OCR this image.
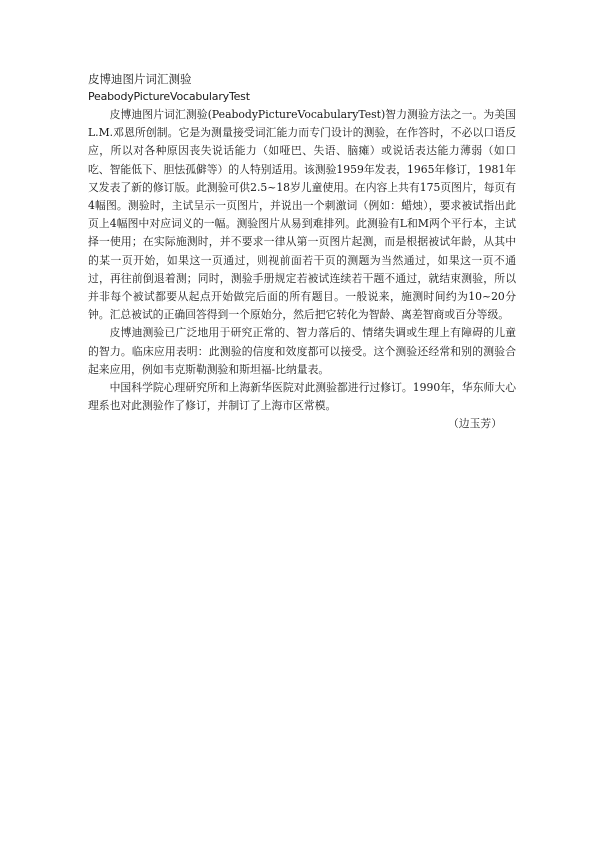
皮博迪图片词汇测验

PeabodyPictureVocabularyTest

皮博迪图片词汇测验(PeabodyPictureVocabularyTest)智力测验方法之一。为美国L.M.邓恩所创制。它是为测量接受词汇能力而专门设计的测验，在作答时，不必以口语反应，所以对各种原因丧失说话能力（如哑巴、失语、脑瘫）或说话表达能力薄弱（如口吃、智能低下、胆怯孤僻等）的人特别适用。该测验1959年发表，1965年修订，1981年又发表了新的修订版。此测验可供2.5~18岁儿童使用。在内容上共有175页图片，每页有4幅图。测验时，主试呈示一页图片，并说出一个刺激词（例如：蜡烛），要求被试指出此页上4幅图中对应词义的一幅。测验图片从易到难排列。此测验有L和M两个平行本，主试择一使用；在实际施测时，并不要求一律从第一页图片起测，而是根据被试年龄，从其中的某一页开始，如果这一页通过，则视前面若干页的测题为当然通过，如果这一页不通过，再往前倒退着测；同时，测验手册规定若被试连续若干题不通过，就结束测验，所以并非每个被试都要从起点开始做完后面的所有题目。一般说来，施测时间约为10~20分钟。汇总被试的正确回答得到一个原始分，然后把它转化为智龄、离差智商或百分等级。

皮博迪测验已广泛地用于研究正常的、智力落后的、情绪失调或生理上有障碍的儿童的智力。临床应用表明：此测验的信度和效度都可以接受。这个测验还经常和别的测验合起来应用，例如韦克斯勒测验和斯坦福-比纳量表。

中国科学院心理研究所和上海新华医院对此测验都进行过修订。1990年，华东师大心理系也对此测验作了修订，并制订了上海市区常模。

（边玉芳）
